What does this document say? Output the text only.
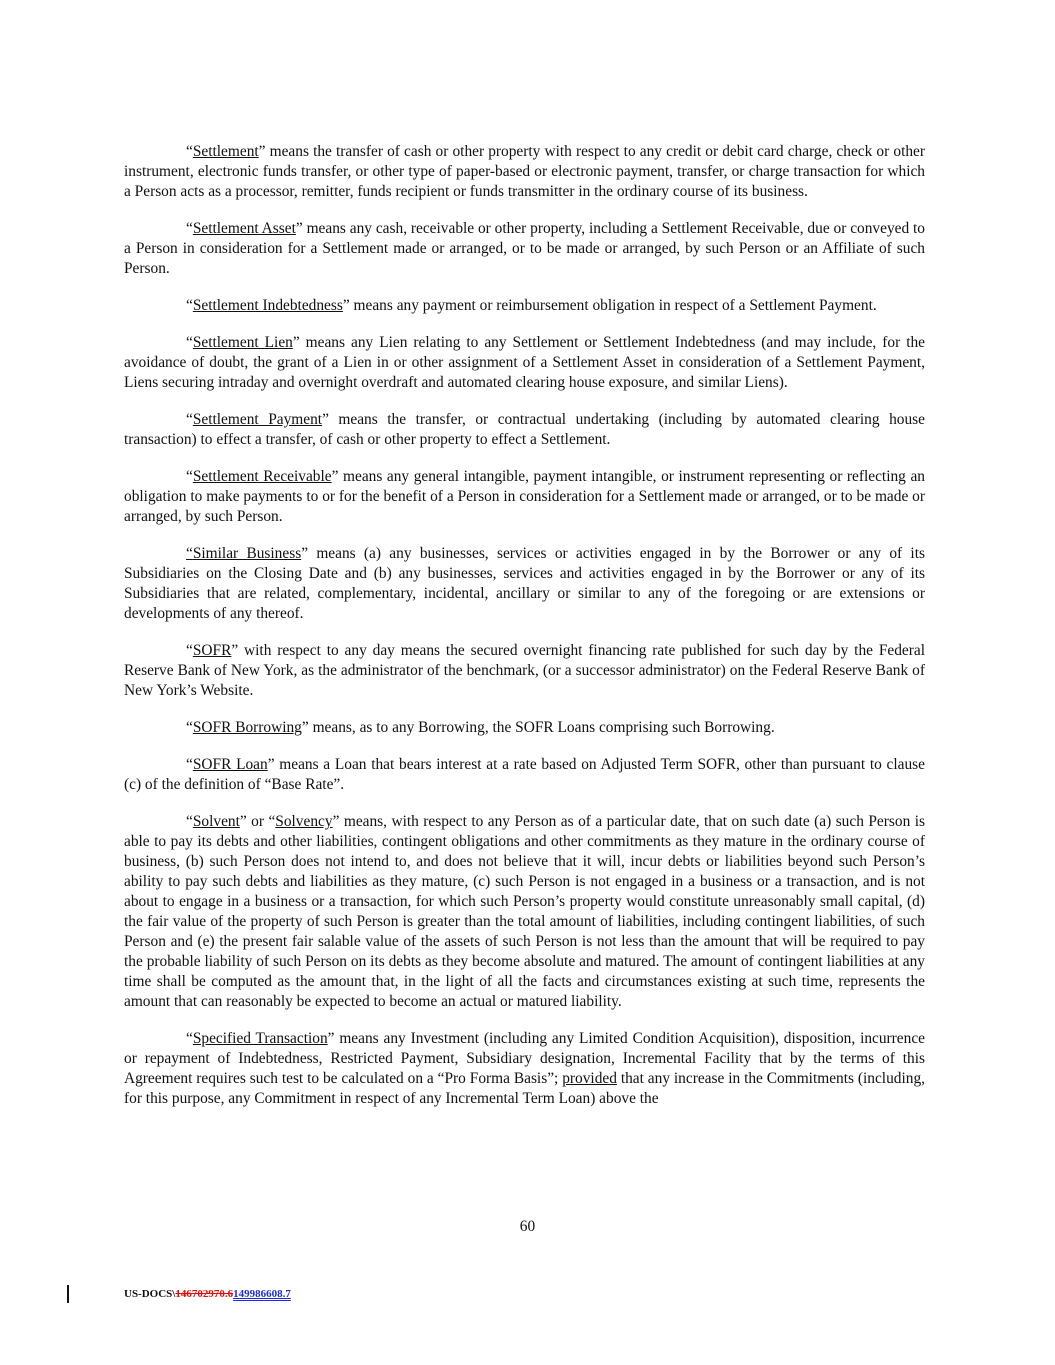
“Settlement” means the transfer of cash or other property with respect to any credit or debit card charge, check or other instrument, electronic funds transfer, or other type of paper-based or electronic payment, transfer, or charge transaction for which a Person acts as a processor, remitter, funds recipient or funds transmitter in the ordinary course of its business.

“Settlement Asset” means any cash, receivable or other property, including a Settlement Receivable, due or conveyed to a Person in consideration for a Settlement made or arranged, or to be made or arranged, by such Person or an Affiliate of such Person.

“Settlement Indebtedness” means any payment or reimbursement obligation in respect of a Settlement Payment.

“Settlement Lien” means any Lien relating to any Settlement or Settlement Indebtedness (and may include, for the avoidance of doubt, the grant of a Lien in or other assignment of a Settlement Asset in consideration of a Settlement Payment, Liens securing intraday and overnight overdraft and automated clearing house exposure, and similar Liens).

“Settlement Payment” means the transfer, or contractual undertaking (including by automated clearing house transaction) to effect a transfer, of cash or other property to effect a Settlement.

“Settlement Receivable” means any general intangible, payment intangible, or instrument representing or reflecting an obligation to make payments to or for the benefit of a Person in consideration for a Settlement made or arranged, or to be made or arranged, by such Person.

“Similar Business” means (a) any businesses, services or activities engaged in by the Borrower or any of its Subsidiaries on the Closing Date and (b) any businesses, services and activities engaged in by the Borrower or any of its Subsidiaries that are related, complementary, incidental, ancillary or similar to any of the foregoing or are extensions or developments of any thereof.

“SOFR” with respect to any day means the secured overnight financing rate published for such day by the Federal Reserve Bank of New York, as the administrator of the benchmark, (or a successor administrator) on the Federal Reserve Bank of New York’s Website.

“SOFR Borrowing” means, as to any Borrowing, the SOFR Loans comprising such Borrowing.

“SOFR Loan” means a Loan that bears interest at a rate based on Adjusted Term SOFR, other than pursuant to clause (c) of the definition of “Base Rate”.

“Solvent” or “Solvency” means, with respect to any Person as of a particular date, that on such date (a) such Person is able to pay its debts and other liabilities, contingent obligations and other commitments as they mature in the ordinary course of business, (b) such Person does not intend to, and does not believe that it will, incur debts or liabilities beyond such Person’s ability to pay such debts and liabilities as they mature, (c) such Person is not engaged in a business or a transaction, and is not about to engage in a business or a transaction, for which such Person’s property would constitute unreasonably small capital, (d) the fair value of the property of such Person is greater than the total amount of liabilities, including contingent liabilities, of such Person and (e) the present fair salable value of the assets of such Person is not less than the amount that will be required to pay the probable liability of such Person on its debts as they become absolute and matured. The amount of contingent liabilities at any time shall be computed as the amount that, in the light of all the facts and circumstances existing at such time, represents the amount that can reasonably be expected to become an actual or matured liability.

“Specified Transaction” means any Investment (including any Limited Condition Acquisition), disposition, incurrence or repayment of Indebtedness, Restricted Payment, Subsidiary designation, Incremental Facility that by the terms of this Agreement requires such test to be calculated on a “Pro Forma Basis”; provided that any increase in the Commitments (including, for this purpose, any Commitment in respect of any Incremental Term Loan) above the

60
US-DOCS\146702970.6149986608.7
